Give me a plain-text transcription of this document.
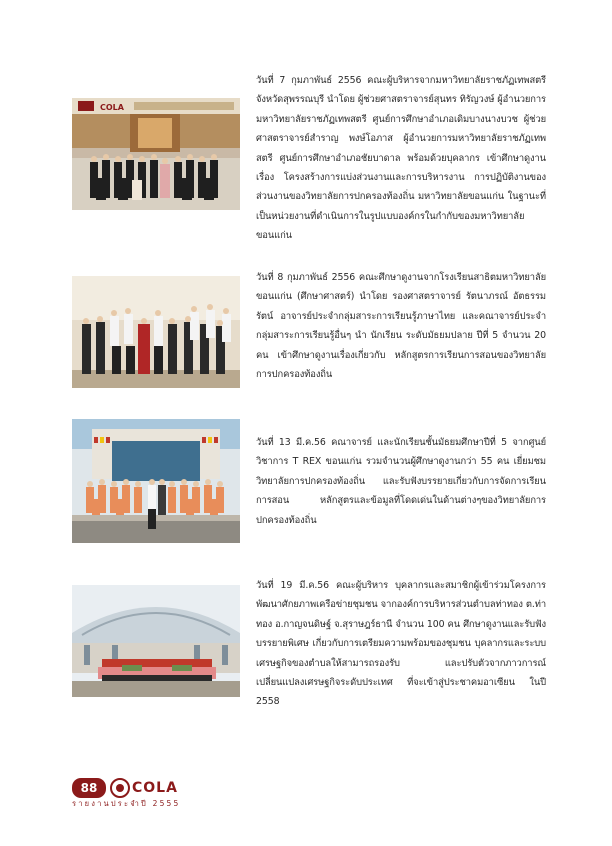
COLA
วันที่ 7 กุมภาพันธ์ 2556 คณะผู้บริหารจากมหาวิทยาลัยราชภัฏเทพสตรี จังหวัดสุพรรณบุรี นำโดย ผู้ช่วยศาสตราจารย์สุนทร ทิรัญวงษ์ ผู้อำนวยการมหาวิทยาลัยราชภัฏเทพสตรี ศูนย์การศึกษาอำเภอเดิมบางนางบวช ผู้ช่วยศาสตราจารย์สำราญ พงษ์โอภาส ผู้อำนวยการมหาวิทยาลัยราชภัฏเทพสตรี ศูนย์การศึกษาอำเภอชัยบาดาล พร้อมด้วยบุคลากร เข้าศึกษาดูงานเรื่อง โครงสร้างการแบ่งส่วนงานและการบริหารงาน การปฏิบัติงานของส่วนงานของวิทยาลัยการปกครองท้องถิ่น มหาวิทยาลัยขอนแก่น ในฐานะที่เป็นหน่วยงานที่ดำเนินการในรูปแบบองค์กรในกำกับของมหาวิทยาลัยขอนแก่น
วันที่ 8 กุมภาพันธ์ 2556 คณะศึกษาดูงานจากโรงเรียนสาธิตมหาวิทยาลัยขอนแก่น (ศึกษาศาสตร์) นำโดย รองศาสตราจารย์ รัตนาภรณ์ อัตธรรมรัตน์ อาจารย์ประจำกลุ่มสาระการเรียนรู้ภาษาไทย และคณาจารย์ประจำกลุ่มสาระการเรียนรู้อื่นๆ นำ นักเรียน ระดับมัธยมปลาย ปีที่ 5 จำนวน 20 คน เข้าศึกษาดูงานเรื่องเกี่ยวกับ หลักสูตรการเรียนการสอนของวิทยาลัยการปกครองท้องถิ่น
วันที่ 13 มี.ค.56 คณาจารย์ และนักเรียนชั้นมัธยมศึกษาปีที่ 5 จากศูนย์วิชาการ T REX ขอนแก่น รวมจำนวนผู้ศึกษาดูงานกว่า 55 คน เยี่ยมชมวิทยาลัยการปกครองท้องถิ่น และรับฟังบรรยายเกี่ยวกับการจัดการเรียนการสอน หลักสูตรและข้อมูลที่โดดเด่นในด้านต่างๆของวิทยาลัยการปกครองท้องถิ่น
วันที่ 19 มี.ค.56 คณะผู้บริหาร บุคลากรและสมาชิกผู้เข้าร่วมโครงการพัฒนาศักยภาพเครือข่ายชุมชน จากองค์การบริหารส่วนตำบลท่าทอง ต.ท่าทอง อ.กาญจนดิษฐ์ จ.สุราษฎร์ธานี จำนวน 100 คน ศึกษาดูงานและรับฟังบรรยายพิเศษ เกี่ยวกับการเตรียมความพร้อมของชุมชน บุคลากรและระบบเศรษฐกิจของตำบลให้สามารถรองรับ และปรับตัวจากภาวการณ์เปลี่ยนแปลงเศรษฐกิจระดับประเทศ ที่จะเข้าสู่ประชาคมอาเซียน ในปี 2558
88	COLA
รายงานประจำปี 2555
